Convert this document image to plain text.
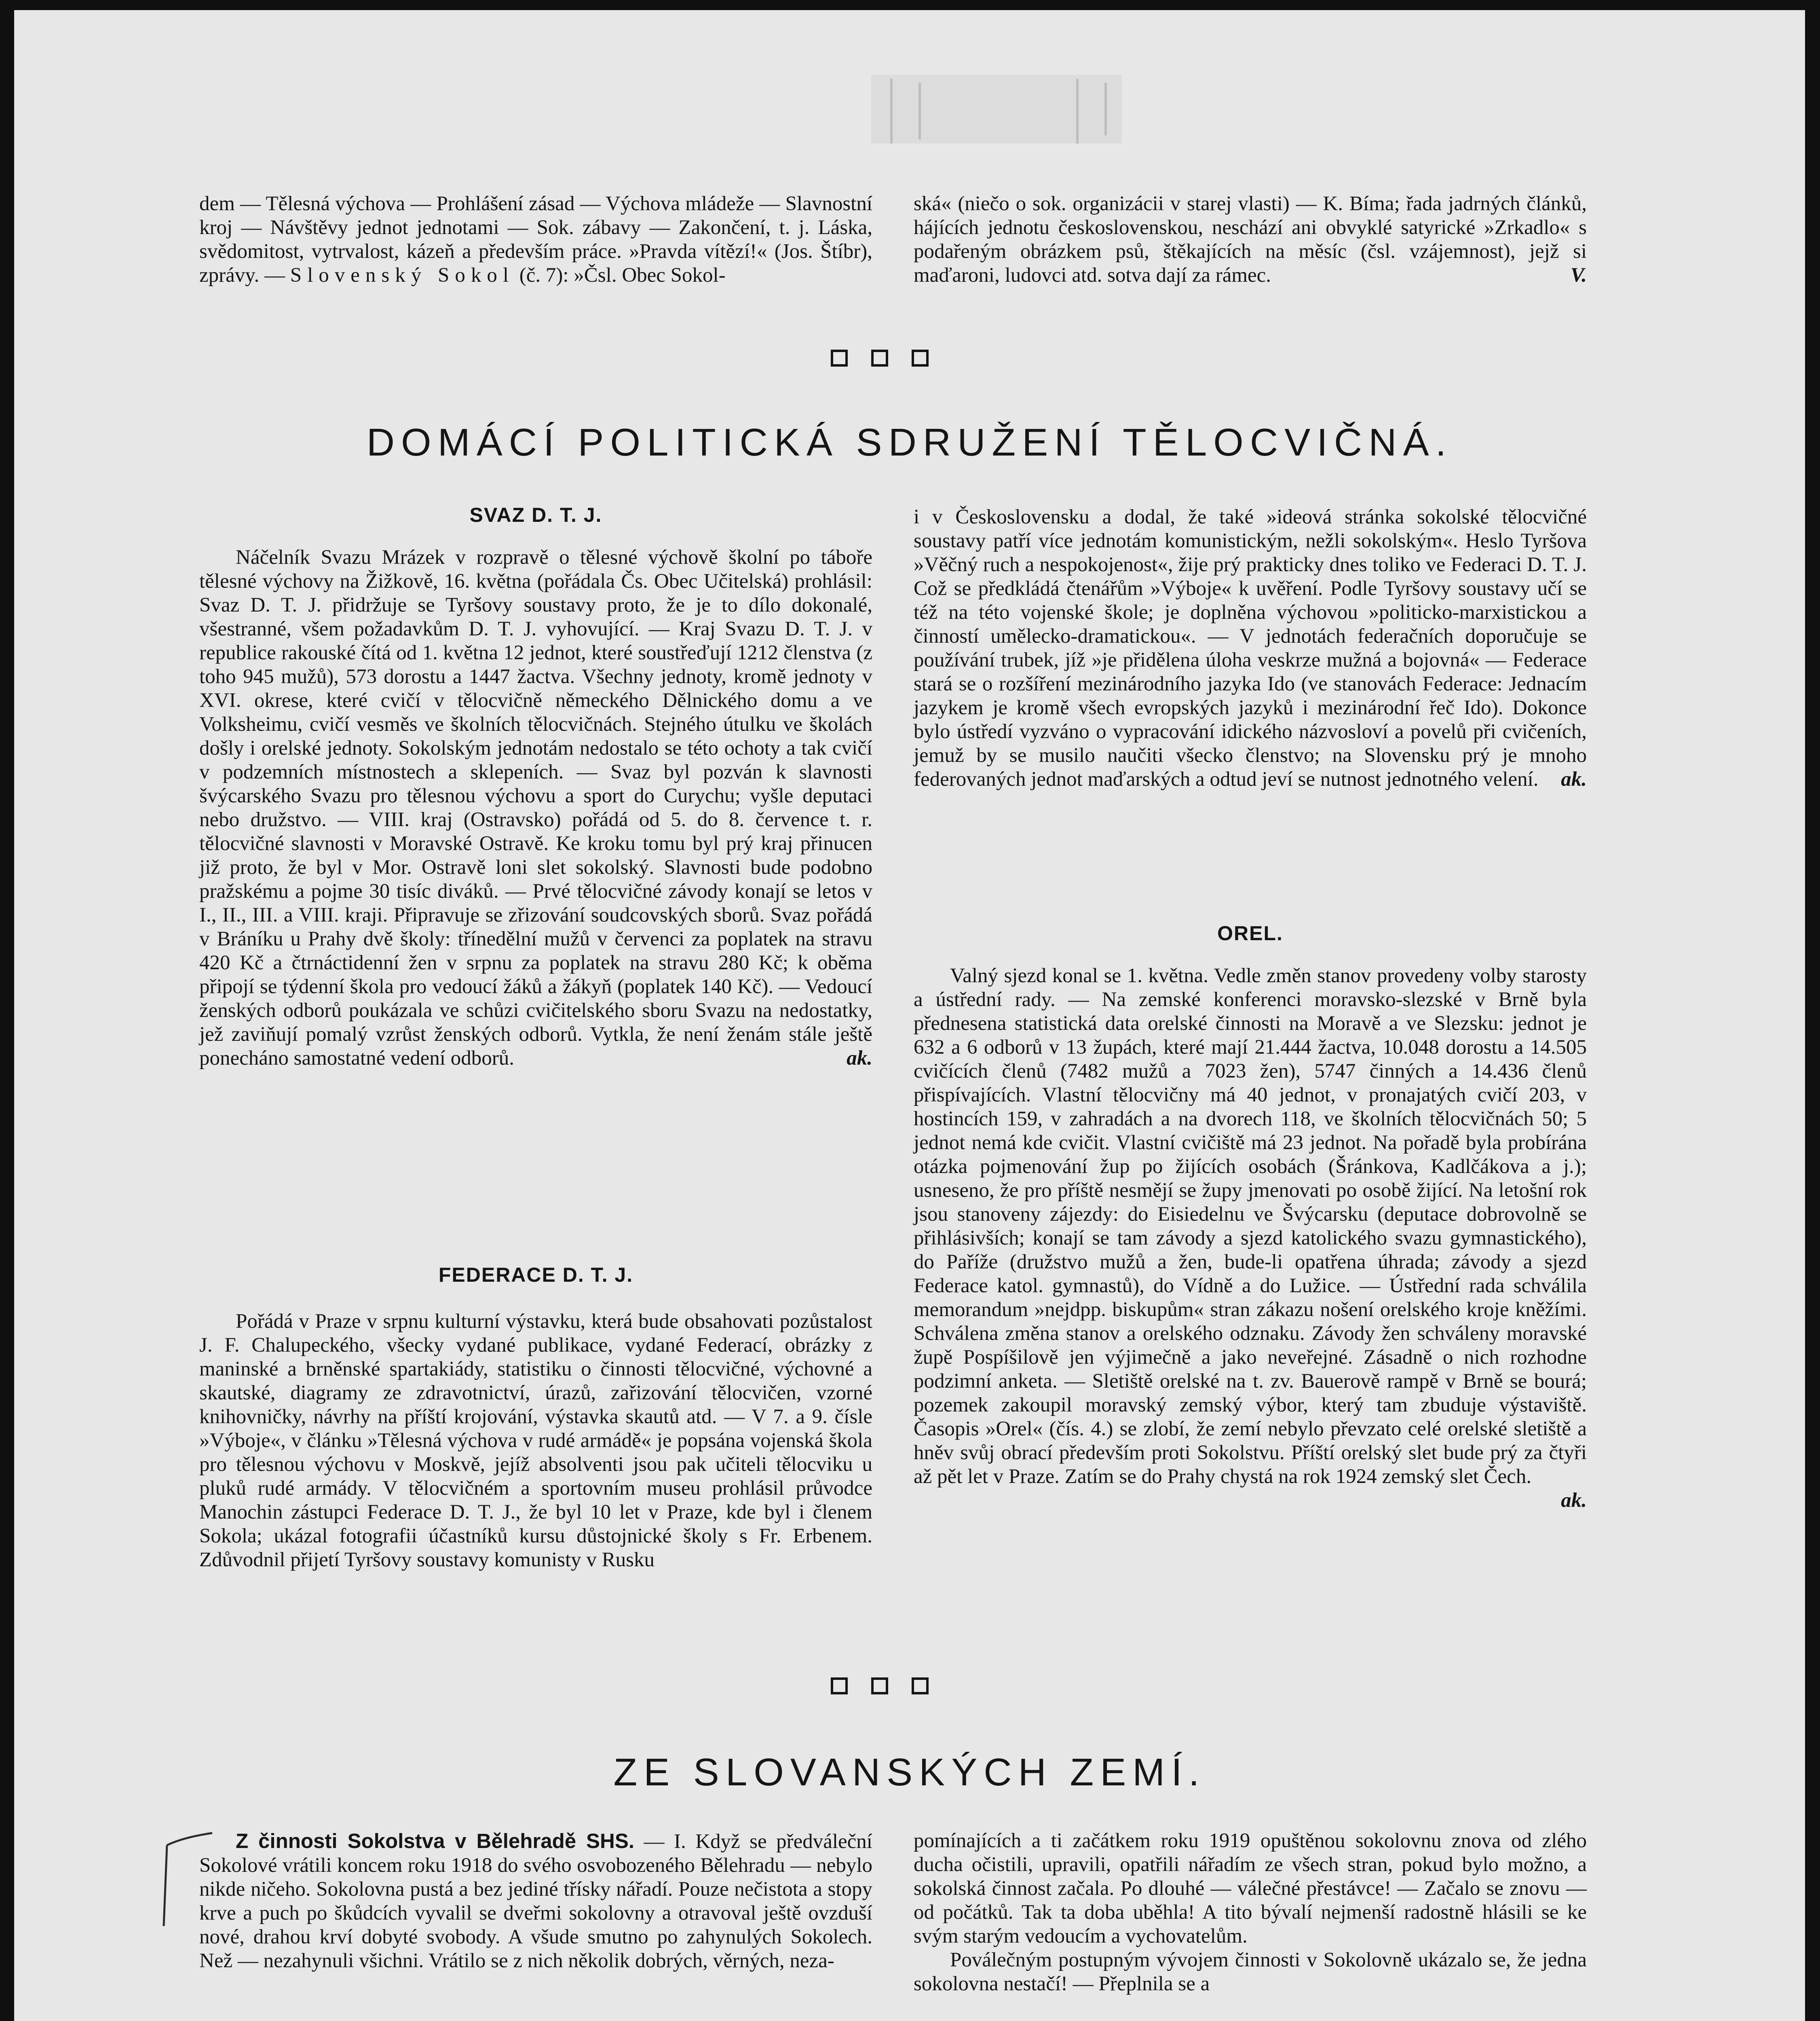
dem — Tělesná výchova — Prohlášení zásad — Výchova mládeže — Slavnostní kroj — Návštěvy jednot jednotami — Sok. zábavy — Zakončení, t. j. Láska, svědomitost, vytrvalost, kázeň a především práce. »Pravda vítězí!« (Jos. Štíbr), zprávy. — Slovenský Sokol (č. 7): »Čsl. Obec Sokol-

ská« (niečo o sok. organizácii v starej vlasti) — K. Bíma; řada jadrných článků, hájících jednotu československou, neschází ani obvyklé satyrické »Zrkadlo« s podařeným obrázkem psů, štěkajících na měsíc (čsl. vzájemnost), jejž si maďaroni, ludovci atd. sotva dají za rámec.	V.

DOMÁCÍ POLITICKÁ SDRUŽENÍ TĚLOCVIČNÁ.
SVAZ D. T. J.

Náčelník Svazu Mrázek v rozpravě o tělesné výchově školní po táboře tělesné výchovy na Žižkově, 16. května (pořádala Čs. Obec Učitelská) prohlásil: Svaz D. T. J. přidržuje se Tyršovy soustavy proto, že je to dílo dokonalé, všestranné, všem požadavkům D. T. J. vyhovující. — Kraj Svazu D. T. J. v republice rakouské čítá od 1. května 12 jednot, které soustřeďují 1212 členstva (z toho 945 mužů), 573 dorostu a 1447 žactva. Všechny jednoty, kromě jednoty v XVI. okrese, které cvičí v tělocvičně německého Dělnického domu a ve Volksheimu, cvičí vesměs ve školních tělocvičnách. Stejného útulku ve školách došly i orelské jednoty. Sokolským jednotám nedostalo se této ochoty a tak cvičí v podzemních místnostech a sklepeních. — Svaz byl pozván k slavnosti švýcarského Svazu pro tělesnou výchovu a sport do Curychu; vyšle deputaci nebo družstvo. — VIII. kraj (Ostravsko) pořádá od 5. do 8. července t. r. tělocvičné slavnosti v Moravské Ostravě. Ke kroku tomu byl prý kraj přinucen již proto, že byl v Mor. Ostravě loni slet sokolský. Slavnosti bude podobno pražskému a pojme 30 tisíc diváků. — Prvé tělocvičné závody konají se letos v I., II., III. a VIII. kraji. Připravuje se zřizování soudcovských sborů. Svaz pořádá v Bráníku u Prahy dvě školy: třínedělní mužů v červenci za poplatek na stravu 420 Kč a čtrnáctidenní žen v srpnu za poplatek na stravu 280 Kč; k oběma připojí se týdenní škola pro vedoucí žáků a žákyň (poplatek 140 Kč). — Vedoucí ženských odborů poukázala ve schůzi cvičitelského sboru Svazu na nedostatky, jež zaviňují pomalý vzrůst ženských odborů. Vytkla, že není ženám stále ještě ponecháno samostatné vedení odborů.	ak.

FEDERACE D. T. J.

Pořádá v Praze v srpnu kulturní výstavku, která bude obsahovati pozůstalost J. F. Chalupeckého, všecky vydané publikace, vydané Federací, obrázky z maninské a brněnské spartakiády, statistiku o činnosti tělocvičné, výchovné a skautské, diagramy ze zdravotnictví, úrazů, zařizování tělocvičen, vzorné knihovničky, návrhy na příští krojování, výstavka skautů atd. — V 7. a 9. čísle »Výboje«, v článku »Tělesná výchova v rudé armádě« je popsána vojenská škola pro tělesnou výchovu v Moskvě, jejíž absolventi jsou pak učiteli tělocviku u pluků rudé armády. V tělocvičném a sportovním museu prohlásil průvodce Manochin zástupci Federace D. T. J., že byl 10 let v Praze, kde byl i členem Sokola; ukázal fotografii účastníků kursu důstojnické školy s Fr. Erbenem. Zdůvodnil přijetí Tyršovy soustavy komunisty v Rusku

i v Československu a dodal, že také »ideová stránka sokolské tělocvičné soustavy patří více jednotám komunistickým, nežli sokolským«. Heslo Tyršova »Věčný ruch a nespokojenost«, žije prý prakticky dnes toliko ve Federaci D. T. J. Což se předkládá čtenářům »Výboje« k uvěření. Podle Tyršovy soustavy učí se též na této vojenské škole; je doplněna výchovou »politicko-marxistickou a činností umělecko-dramatickou«. — V jednotách federačních doporučuje se používání trubek, jíž »je přidělena úloha veskrze mužná a bojovná« — Federace stará se o rozšíření mezinárodního jazyka Ido (ve stanovách Federace: Jednacím jazykem je kromě všech evropských jazyků i mezinárodní řeč Ido). Dokonce bylo ústředí vyzváno o vypracování idického názvosloví a povelů při cvičeních, jemuž by se musilo naučiti všecko členstvo; na Slovensku prý je mnoho federovaných jednot maďarských a odtud jeví se nutnost jednotného velení. ak.

OREL.

Valný sjezd konal se 1. května. Vedle změn stanov provedeny volby starosty a ústřední rady. — Na zemské konferenci moravsko-slezské v Brně byla přednesena statistická data orelské činnosti na Moravě a ve Slezsku: jednot je 632 a 6 odborů v 13 župách, které mají 21.444 žactva, 10.048 dorostu a 14.505 cvičících členů (7482 mužů a 7023 žen), 5747 činných a 14.436 členů přispívajících. Vlastní tělocvičny má 40 jednot, v pronajatých cvičí 203, v hostincích 159, v zahradách a na dvorech 118, ve školních tělocvičnách 50; 5 jednot nemá kde cvičit. Vlastní cvičiště má 23 jednot. Na pořadě byla probírána otázka pojmenování žup po žijících osobách (Šránkova, Kadlčákova a j.); usneseno, že pro příště nesmějí se župy jmenovati po osobě žijící. Na letošní rok jsou stanoveny zájezdy: do Eisiedelnu ve Švýcarsku (deputace dobrovolně se přihlásivších; konají se tam závody a sjezd katolického svazu gymnastického), do Paříže (družstvo mužů a žen, bude-li opatřena úhrada; závody a sjezd Federace katol. gymnastů), do Vídně a do Lužice. — Ústřední rada schválila memorandum »nejdpp. biskupům« stran zákazu nošení orelského kroje kněžími. Schválena změna stanov a orelského odznaku. Závody žen schváleny moravské župě Pospíšilově jen výjimečně a jako neveřejné. Zásadně o nich rozhodne podzimní anketa. — Sletiště orelské na t. zv. Bauerově rampě v Brně se bourá; pozemek zakoupil moravský zemský výbor, který tam zbuduje výstaviště. Časopis »Orel« (čís. 4.) se zlobí, že zemí nebylo převzato celé orelské sletiště a hněv svůj obrací především proti Sokolstvu. Příští orelský slet bude prý za čtyři až pět let v Praze. Zatím se do Prahy chystá na rok 1924 zemský slet Čech.
ak.

ZE SLOVANSKÝCH ZEMÍ.

Z činnosti Sokolstva v Bělehradě SHS. — I. Když se předváleční Sokolové vrátili koncem roku 1918 do svého osvobozeného Bělehradu — nebylo nikde ničeho. Sokolovna pustá a bez jediné třísky nářadí. Pouze nečistota a stopy krve a puch po škůdcích vyvalil se dveřmi sokolovny a otravoval ještě ovzduší nové, drahou krví dobyté svobody. A všude smutno po zahynulých Sokolech. Než — nezahynuli všichni. Vrátilo se z nich několik dobrých, věrných, neza-

pomínajících a ti začátkem roku 1919 opuštěnou sokolovnu znova od zlého ducha očistili, upravili, opatřili nářadím ze všech stran, pokud bylo možno, a sokolská činnost začala. Po dlouhé — válečné přestávce! — Začalo se znovu — od počátků. Tak ta doba uběhla! A tito bývalí nejmenší radostně hlásili se ke svým starým vedoucím a vychovatelům.

Poválečným postupným vývojem činnosti v Sokolovně ukázalo se, že jedna sokolovna nestačí! — Přeplnila se a
